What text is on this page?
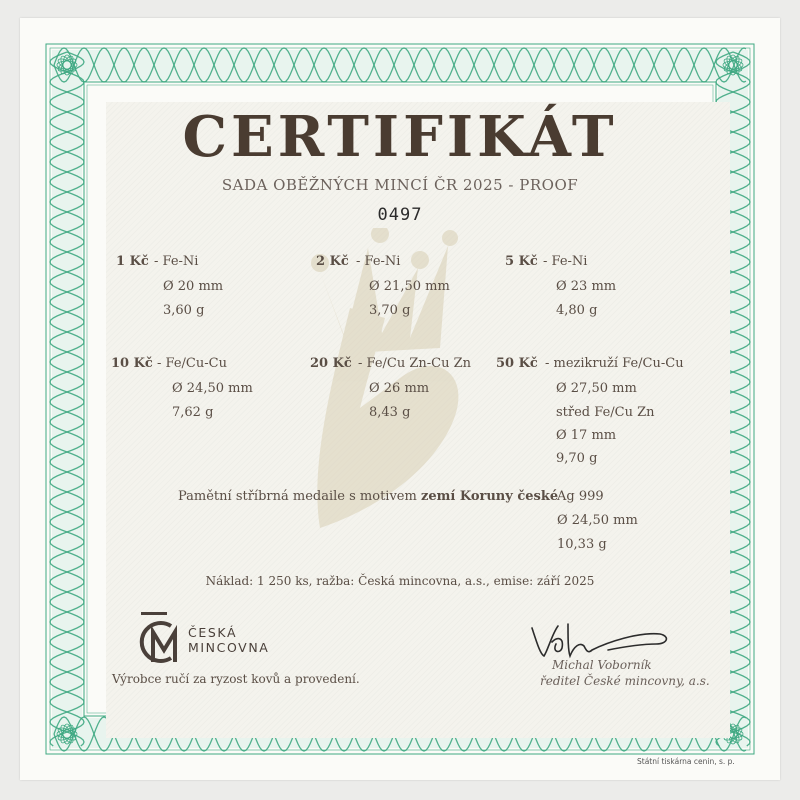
CERTIFIKÁT
SADA OBĚŽNÝCH MINCÍ ČR 2025 - PROOF
0497
1 Kč - Fe-Ni
Ø 20 mm
3,60 g
2 Kč - Fe-Ni
Ø 21,50 mm
3,70 g
5 Kč - Fe-Ni
Ø 23 mm
4,80 g
10 Kč - Fe/Cu-Cu
Ø 24,50 mm
7,62 g
20 Kč - Fe/Cu Zn-Cu Zn
Ø 26 mm
8,43 g
50 Kč - mezikruží Fe/Cu-Cu
Ø 27,50 mm
střed Fe/Cu Zn
Ø 17 mm
9,70 g
Pamětní stříbrná medaile s motivem zemí Koruny české
Ag 999
Ø 24,50 mm
10,33 g
Náklad: 1 250 ks, ražba: Česká mincovna, a.s., emise: září 2025
ČESKÁ
MINCOVNA
Výrobce ručí za ryzost kovů a provedení.
Michal Voborník
ředitel České mincovny, a.s.
Státní tiskárna cenin, s. p.
